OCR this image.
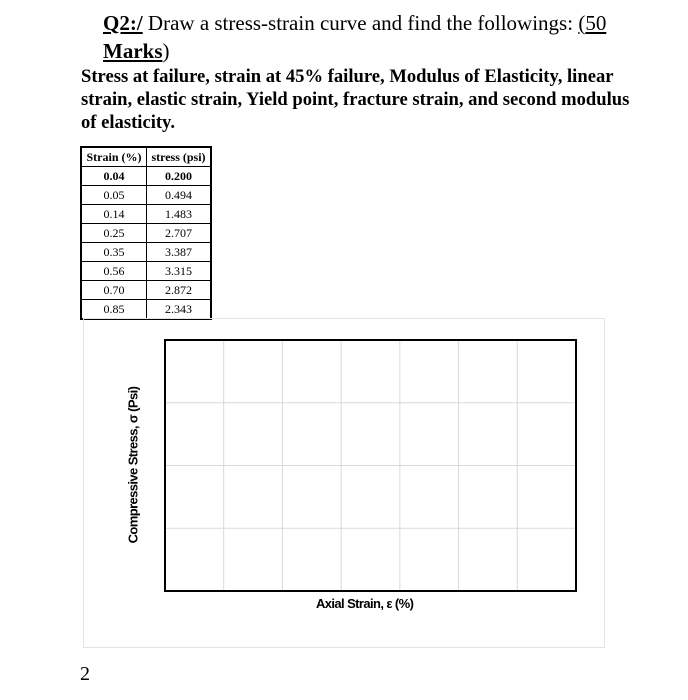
Q2:/ Draw a stress-strain curve and find the followings: (50
Marks)
Stress at failure, strain at 45% failure, Modulus of Elasticity, linear strain, elastic strain, Yield point, fracture strain, and second modulus of elasticity.
Strain (%)	stress (psi)
0.04	0.200
0.05	0.494
0.14	1.483
0.25	2.707
0.35	3.387
0.56	3.315
0.70	2.872
0.85	2.343
Compressive Stress, σ (Psi)
Axial Strain, ε (%)
2
